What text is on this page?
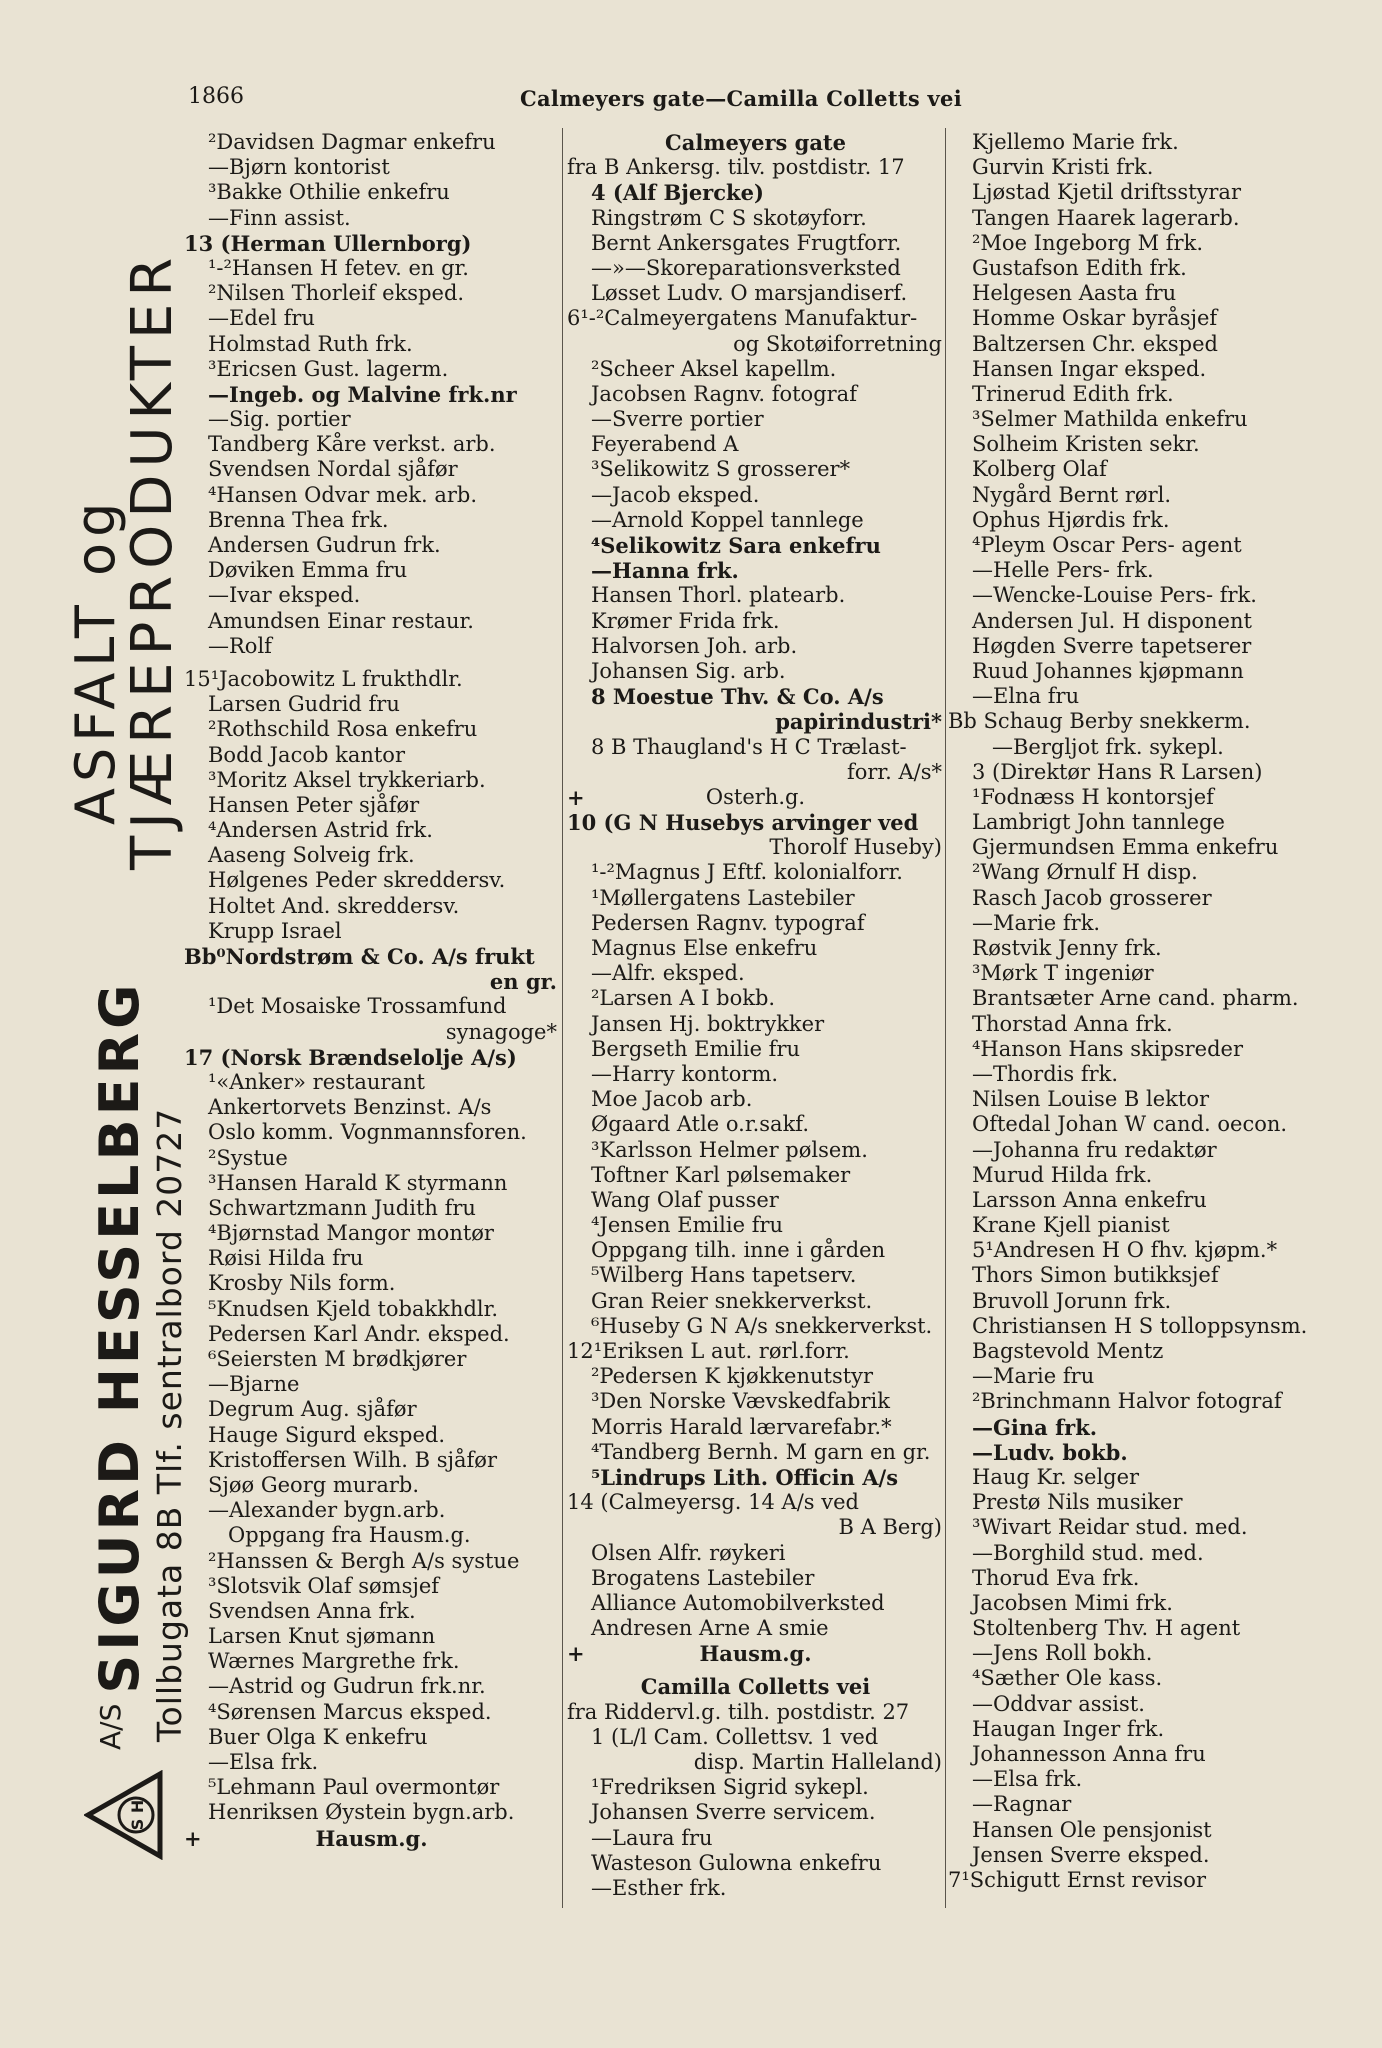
1866	Calmeyers gate—Camilla Colletts vei
S H
$^{A/S}$SIGURD HESSELBERG Tollbugata 8B Tlf. sentralbord 20727
ASFALT og
TJÆREPRODUKTER
²Davidsen Dagmar enkefru
—Bjørn kontorist
³Bakke Othilie enkefru
—Finn assist.
13 (Herman Ullernborg)
¹-²Hansen H fetev. en gr.
²Nilsen Thorleif eksped.
—Edel fru
Holmstad Ruth frk.
³Ericsen Gust. lagerm.
—Ingeb. og Malvine frk.nr
—Sig. portier
Tandberg Kåre verkst. arb.
Svendsen Nordal sjåfør
⁴Hansen Odvar mek. arb.
Brenna Thea frk.
Andersen Gudrun frk.
Døviken Emma fru
—Ivar eksped.
Amundsen Einar restaur.
—Rolf
15¹Jacobowitz L frukthdlr.
Larsen Gudrid fru
²Rothschild Rosa enkefru
Bodd Jacob kantor
³Moritz Aksel trykkeriarb.
Hansen Peter sjåfør
⁴Andersen Astrid frk.
Aaseng Solveig frk.
Hølgenes Peder skreddersv.
Holtet And. skreddersv.
Krupp Israel
Bb⁰Nordstrøm & Co. A/s frukt
en gr.
¹Det Mosaiske Trossamfund
synagoge*
17 (Norsk Brændselolje A/s)
¹«Anker» restaurant
Ankertorvets Benzinst. A/s
Oslo komm. Vognmannsforen.
²Systue
³Hansen Harald K styrmann
Schwartzmann Judith fru
⁴Bjørnstad Mangor montør
Røisi Hilda fru
Krosby Nils form.
⁵Knudsen Kjeld tobakkhdlr.
Pedersen Karl Andr. eksped.
⁶Seiersten M brødkjører
—Bjarne
Degrum Aug. sjåfør
Hauge Sigurd eksped.
Kristoffersen Wilh. B sjåfør
Sjøø Georg murarb.
—Alexander bygn.arb.
Oppgang fra Hausm.g.
²Hanssen & Bergh A/s systue
³Slotsvik Olaf sømsjef
Svendsen Anna frk.
Larsen Knut sjømann
Wærnes Margrethe frk.
—Astrid og Gudrun frk.nr.
⁴Sørensen Marcus eksped.
Buer Olga K enkefru
—Elsa frk.
⁵Lehmann Paul overmontør
Henriksen Øystein bygn.arb.
+	Hausm.g.
Calmeyers gate
fra B Ankersg. tilv. postdistr. 17
4 (Alf Bjercke)
Ringstrøm C S skotøyforr.
Bernt Ankersgates Frugtforr.
—»—Skoreparationsverksted
Løsset Ludv. O marsjandiserf.
6¹-²Calmeyergatens Manufaktur-
og Skotøiforretning
²Scheer Aksel kapellm.
Jacobsen Ragnv. fotograf
—Sverre portier
Feyerabend A
³Selikowitz S grosserer*
—Jacob eksped.
—Arnold Koppel tannlege
⁴Selikowitz Sara enkefru
—Hanna frk.
Hansen Thorl. platearb.
Krømer Frida frk.
Halvorsen Joh. arb.
Johansen Sig. arb.
8 Moestue Thv. & Co. A/s
papirindustri*
8 B Thaugland's H C Trælast-
forr. A/s*
+	Osterh.g.
10 (G N Husebys arvinger ved
Thorolf Huseby)
¹-²Magnus J Eftf. kolonialforr.
¹Møllergatens Lastebiler
Pedersen Ragnv. typograf
Magnus Else enkefru
—Alfr. eksped.
²Larsen A I bokb.
Jansen Hj. boktrykker
Bergseth Emilie fru
—Harry kontorm.
Moe Jacob arb.
Øgaard Atle o.r.sakf.
³Karlsson Helmer pølsem.
Toftner Karl pølsemaker
Wang Olaf pusser
⁴Jensen Emilie fru
Oppgang tilh. inne i gården
⁵Wilberg Hans tapetserv.
Gran Reier snekkerverkst.
⁶Huseby G N A/s snekkerverkst.
12¹Eriksen L aut. rørl.forr.
²Pedersen K kjøkkenutstyr
³Den Norske Vævskedfabrik
Morris Harald lærvarefabr.*
⁴Tandberg Bernh. M garn en gr.
⁵Lindrups Lith. Officin A/s
14 (Calmeyersg. 14 A/s ved
B A Berg)
Olsen Alfr. røykeri
Brogatens Lastebiler
Alliance Automobilverksted
Andresen Arne A smie
+	Hausm.g.
Camilla Colletts vei
fra Riddervl.g. tilh. postdistr. 27
1 (L/l Cam. Collettsv. 1 ved
disp. Martin Halleland)
¹Fredriksen Sigrid sykepl.
Johansen Sverre servicem.
—Laura fru
Wasteson Gulowna enkefru
—Esther frk.
Kjellemo Marie frk.
Gurvin Kristi frk.
Ljøstad Kjetil driftsstyrar
Tangen Haarek lagerarb.
²Moe Ingeborg M frk.
Gustafson Edith frk.
Helgesen Aasta fru
Homme Oskar byråsjef
Baltzersen Chr. eksped
Hansen Ingar eksped.
Trinerud Edith frk.
³Selmer Mathilda enkefru
Solheim Kristen sekr.
Kolberg Olaf
Nygård Bernt rørl.
Ophus Hjørdis frk.
⁴Pleym Oscar Pers- agent
—Helle Pers- frk.
—Wencke-Louise Pers- frk.
Andersen Jul. H disponent
Høgden Sverre tapetserer
Ruud Johannes kjøpmann
—Elna fru
Bb Schaug Berby snekkerm.
—Bergljot frk. sykepl.
3 (Direktør Hans R Larsen)
¹Fodnæss H kontorsjef
Lambrigt John tannlege
Gjermundsen Emma enkefru
²Wang Ørnulf H disp.
Rasch Jacob grosserer
—Marie frk.
Røstvik Jenny frk.
³Mørk T ingeniør
Brantsæter Arne cand. pharm.
Thorstad Anna frk.
⁴Hanson Hans skipsreder
—Thordis frk.
Nilsen Louise B lektor
Oftedal Johan W cand. oecon.
—Johanna fru redaktør
Murud Hilda frk.
Larsson Anna enkefru
Krane Kjell pianist
5¹Andresen H O fhv. kjøpm.*
Thors Simon butikksjef
Bruvoll Jorunn frk.
Christiansen H S tolloppsynsm.
Bagstevold Mentz
—Marie fru
²Brinchmann Halvor fotograf
—Gina frk.
—Ludv. bokb.
Haug Kr. selger
Prestø Nils musiker
³Wivart Reidar stud. med.
—Borghild stud. med.
Thorud Eva frk.
Jacobsen Mimi frk.
Stoltenberg Thv. H agent
—Jens Roll bokh.
⁴Sæther Ole kass.
—Oddvar assist.
Haugan Inger frk.
Johannesson Anna fru
—Elsa frk.
—Ragnar
Hansen Ole pensjonist
Jensen Sverre eksped.
7¹Schigutt Ernst revisor
